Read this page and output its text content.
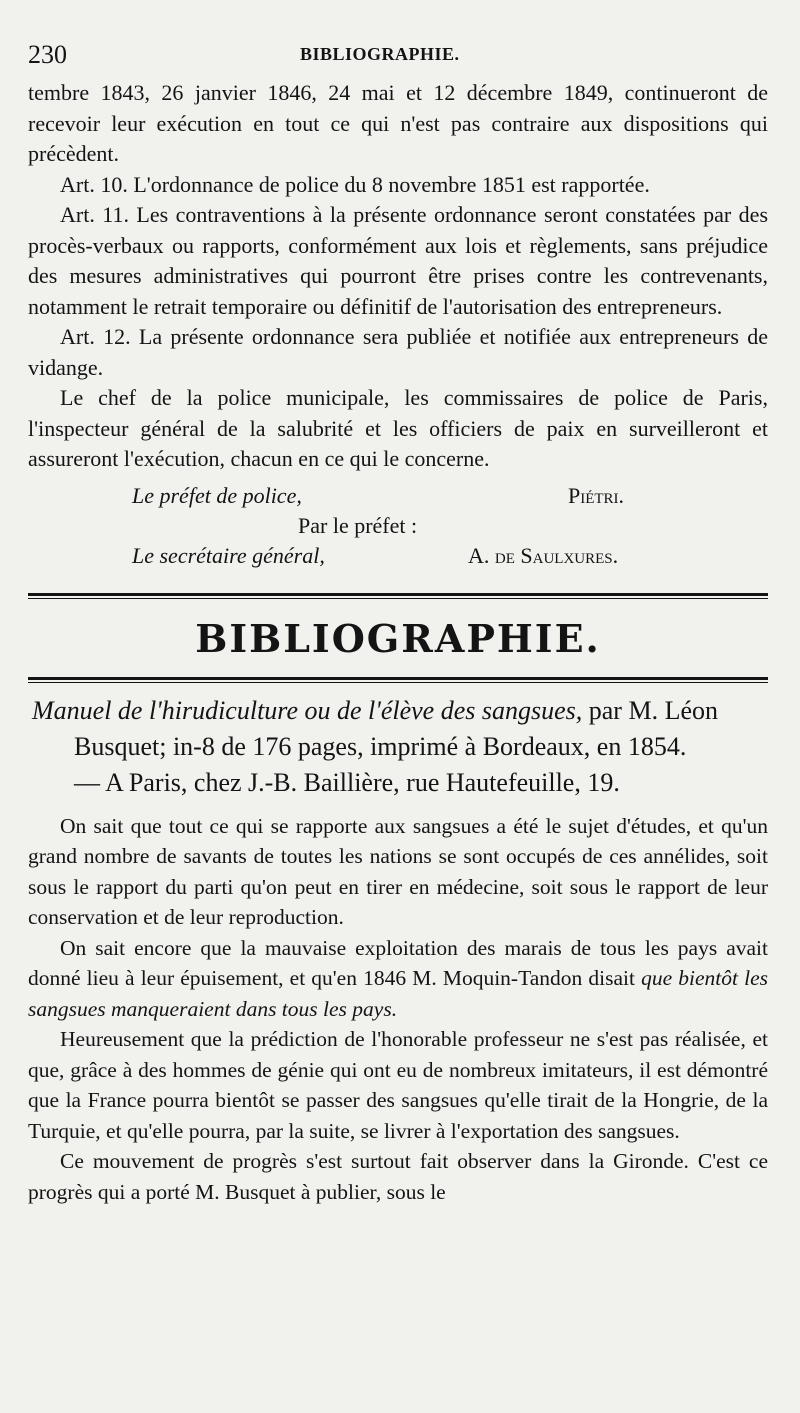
230	BIBLIOGRAPHIE.

tembre 1843, 26 janvier 1846, 24 mai et 12 décembre 1849, continueront de recevoir leur exécution en tout ce qui n'est pas contraire aux dispositions qui précèdent.

Art. 10. L'ordonnance de police du 8 novembre 1851 est rapportée.

Art. 11. Les contraventions à la présente ordonnance seront constatées par des procès-verbaux ou rapports, conformément aux lois et règlements, sans préjudice des mesures administratives qui pourront être prises contre les contrevenants, notamment le retrait temporaire ou définitif de l'autorisation des entrepreneurs.

Art. 12. La présente ordonnance sera publiée et notifiée aux entrepreneurs de vidange.

Le chef de la police municipale, les commissaires de police de Paris, l'inspecteur général de la salubrité et les officiers de paix en surveilleront et assureront l'exécution, chacun en ce qui le concerne.

Le préfet de police,	Piétri.
Par le préfet :
Le secrétaire général,	A. de Saulxures.
BIBLIOGRAPHIE.
Manuel de l'hirudiculture ou de l'élève des sangsues, par M. Léon
Busquet; in-8 de 176 pages, imprimé à Bordeaux, en 1854.
— A Paris, chez J.-B. Baillière, rue Hautefeuille, 19.

On sait que tout ce qui se rapporte aux sangsues a été le sujet d'études, et qu'un grand nombre de savants de toutes les nations se sont occupés de ces annélides, soit sous le rapport du parti qu'on peut en tirer en médecine, soit sous le rapport de leur conservation et de leur reproduction.

On sait encore que la mauvaise exploitation des marais de tous les pays avait donné lieu à leur épuisement, et qu'en 1846 M. Moquin-Tandon disait que bientôt les sangsues manqueraient dans tous les pays.

Heureusement que la prédiction de l'honorable professeur ne s'est pas réalisée, et que, grâce à des hommes de génie qui ont eu de nombreux imitateurs, il est démontré que la France pourra bientôt se passer des sangsues qu'elle tirait de la Hongrie, de la Turquie, et qu'elle pourra, par la suite, se livrer à l'exportation des sangsues.

Ce mouvement de progrès s'est surtout fait observer dans la Gironde. C'est ce progrès qui a porté M. Busquet à publier, sous le
